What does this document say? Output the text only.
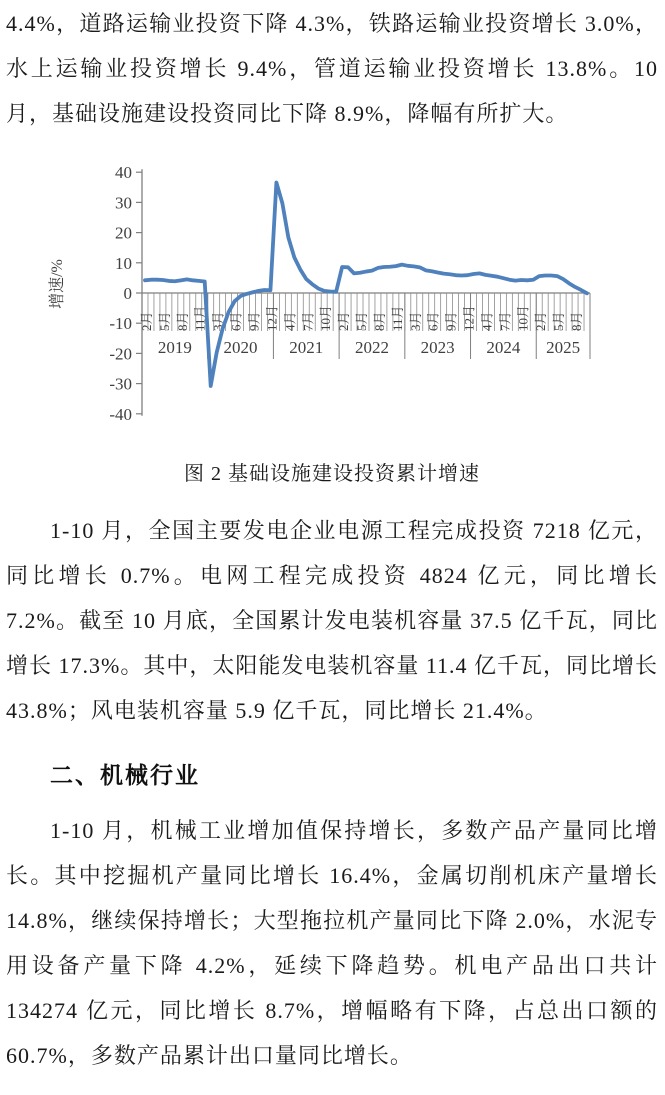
4.4%，道路运输业投资下降 4.3%，铁路运输业投资增长 3.0%，水上运输业投资增长 9.4%，管道运输业投资增长 13.8%。10 月，基础设施建设投资同比下降 8.9%，降幅有所扩大。

40
30
20
10
0
-10
-20
-30
-40
增速/%
2019 2020 2021 2022 2023 2024 2025
2月 5月 8月 11月 3月 6月 9月 12月 4月 7月 10月 2月 5月 8月 11月 3月 6月 9月 12月 4月 7月 10月 2月 5月 8月
图 2 基础设施建设投资累计增速

1-10 月，全国主要发电企业电源工程完成投资 7218 亿元，同比增长 0.7%。电网工程完成投资 4824 亿元，同比增长 7.2%。截至 10 月底，全国累计发电装机容量 37.5 亿千瓦，同比增长 17.3%。其中，太阳能发电装机容量 11.4 亿千瓦，同比增长 43.8%；风电装机容量 5.9 亿千瓦，同比增长 21.4%。

二、机械行业

1-10 月，机械工业增加值保持增长，多数产品产量同比增长。其中挖掘机产量同比增长 16.4%，金属切削机床产量增长 14.8%，继续保持增长；大型拖拉机产量同比下降 2.0%，水泥专用设备产量下降 4.2%，延续下降趋势。机电产品出口共计 134274 亿元，同比增长 8.7%，增幅略有下降，占总出口额的 60.7%，多数产品累计出口量同比增长。
